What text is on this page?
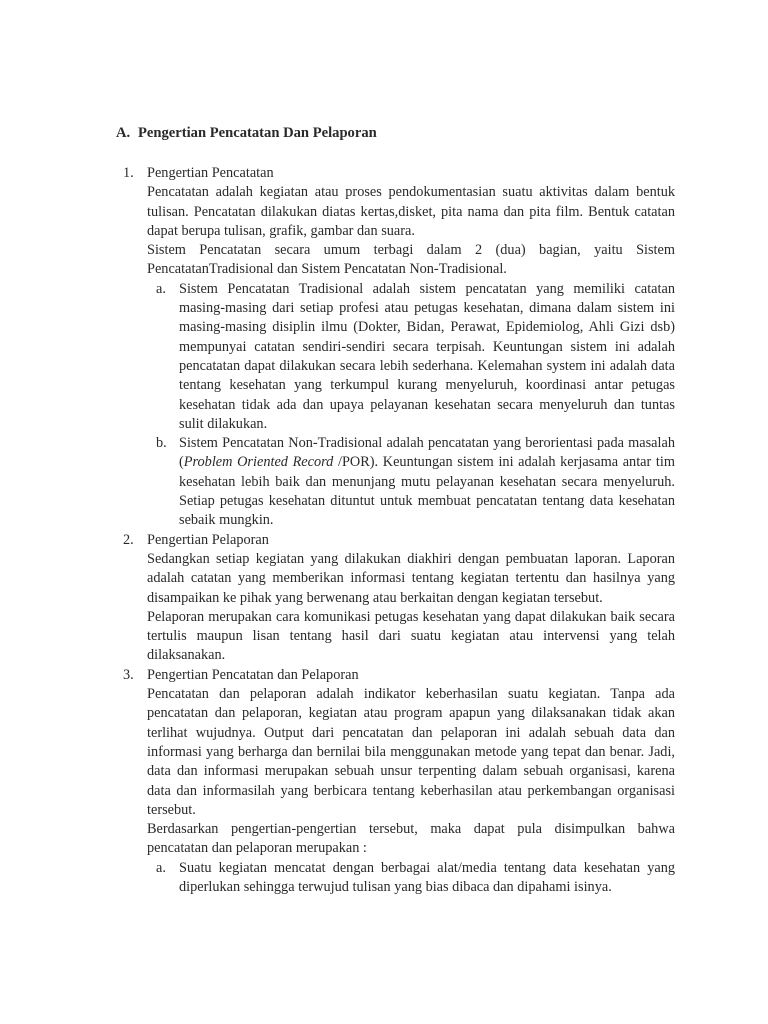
A. Pengertian Pencatatan Dan Pelaporan
1. Pengertian Pencatatan

Pencatatan adalah kegiatan atau proses pendokumentasian suatu aktivitas dalam bentuk tulisan. Pencatatan dilakukan diatas kertas,disket, pita nama dan pita film. Bentuk catatan dapat berupa tulisan, grafik, gambar dan suara.

Sistem Pencatatan secara umum terbagi dalam 2 (dua) bagian, yaitu Sistem PencatatanTradisional dan Sistem Pencatatan Non-Tradisional.

a. Sistem Pencatatan Tradisional adalah sistem pencatatan yang memiliki catatan masing-masing dari setiap profesi atau petugas kesehatan, dimana dalam sistem ini masing-masing disiplin ilmu (Dokter, Bidan, Perawat, Epidemiolog, Ahli Gizi dsb) mempunyai catatan sendiri-sendiri secara terpisah. Keuntungan sistem ini adalah pencatatan dapat dilakukan secara lebih sederhana. Kelemahan system ini adalah data tentang kesehatan yang terkumpul kurang menyeluruh, koordinasi antar petugas kesehatan tidak ada dan upaya pelayanan kesehatan secara menyeluruh dan tuntas sulit dilakukan.

b. Sistem Pencatatan Non-Tradisional adalah pencatatan yang berorientasi pada masalah (Problem Oriented Record /POR). Keuntungan sistem ini adalah kerjasama antar tim kesehatan lebih baik dan menunjang mutu pelayanan kesehatan secara menyeluruh. Setiap petugas kesehatan dituntut untuk membuat pencatatan tentang data kesehatan sebaik mungkin.

2. Pengertian Pelaporan

Sedangkan setiap kegiatan yang dilakukan diakhiri dengan pembuatan laporan. Laporan adalah catatan yang memberikan informasi tentang kegiatan tertentu dan hasilnya yang disampaikan ke pihak yang berwenang atau berkaitan dengan kegiatan tersebut.

Pelaporan merupakan cara komunikasi petugas kesehatan yang dapat dilakukan baik secara tertulis maupun lisan tentang hasil dari suatu kegiatan atau intervensi yang telah dilaksanakan.

3. Pengertian Pencatatan dan Pelaporan

Pencatatan dan pelaporan adalah indikator keberhasilan suatu kegiatan. Tanpa ada pencatatan dan pelaporan, kegiatan atau program apapun yang dilaksanakan tidak akan terlihat wujudnya. Output dari pencatatan dan pelaporan ini adalah sebuah data dan informasi yang berharga dan bernilai bila menggunakan metode yang tepat dan benar. Jadi, data dan informasi merupakan sebuah unsur terpenting dalam sebuah organisasi, karena data dan informasilah yang berbicara tentang keberhasilan atau perkembangan organisasi tersebut.

Berdasarkan pengertian-pengertian tersebut, maka dapat pula disimpulkan bahwa pencatatan dan pelaporan merupakan :

a. Suatu kegiatan mencatat dengan berbagai alat/media tentang data kesehatan yang diperlukan sehingga terwujud tulisan yang bias dibaca dan dipahami isinya.
